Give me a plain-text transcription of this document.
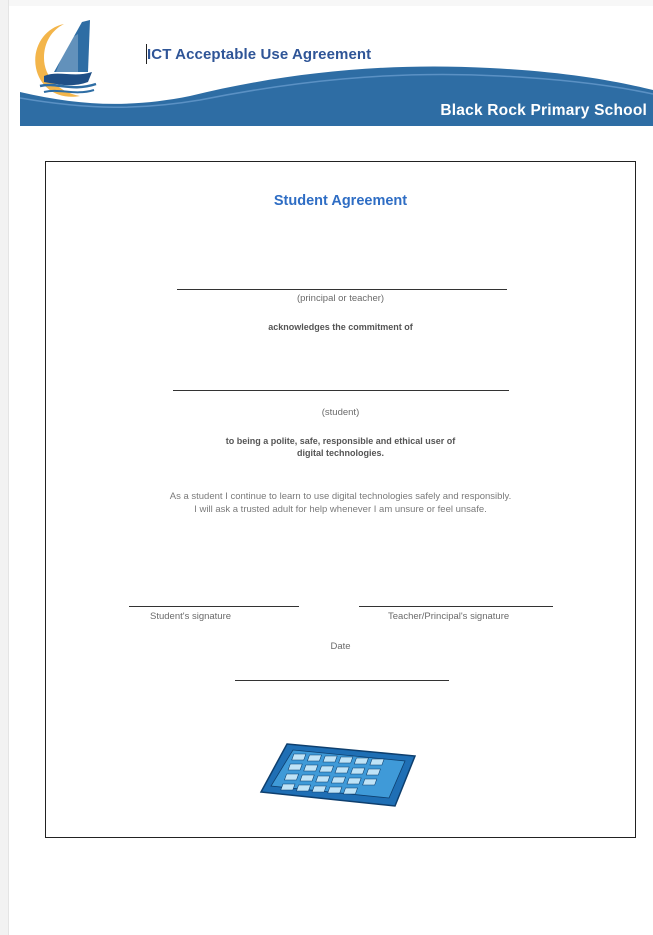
ICT Acceptable Use Agreement
Black Rock Primary School
Student Agreement
(principal or teacher)
acknowledges the commitment of
(student)
to being a polite, safe, responsible and ethical user of
digital technologies.
As a student I continue to learn to use digital technologies safely and responsibly.
I will ask a trusted adult for help whenever I am unsure or feel unsafe.
Student's signature	Teacher/Principal's signature
Date
